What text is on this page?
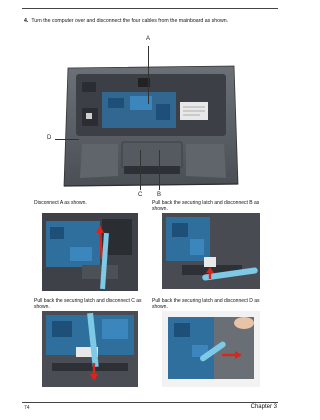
4. Turn the computer over and disconnect the four cables from the mainboard as shown.
A
D
C B
Disconnect A as shown.	Pull back the securing latch and disconnect B as shown.
Pull back the securing latch and disconnect C as shown.
Pull back the securing latch and disconnect D as shown.
74	Chapter 3
